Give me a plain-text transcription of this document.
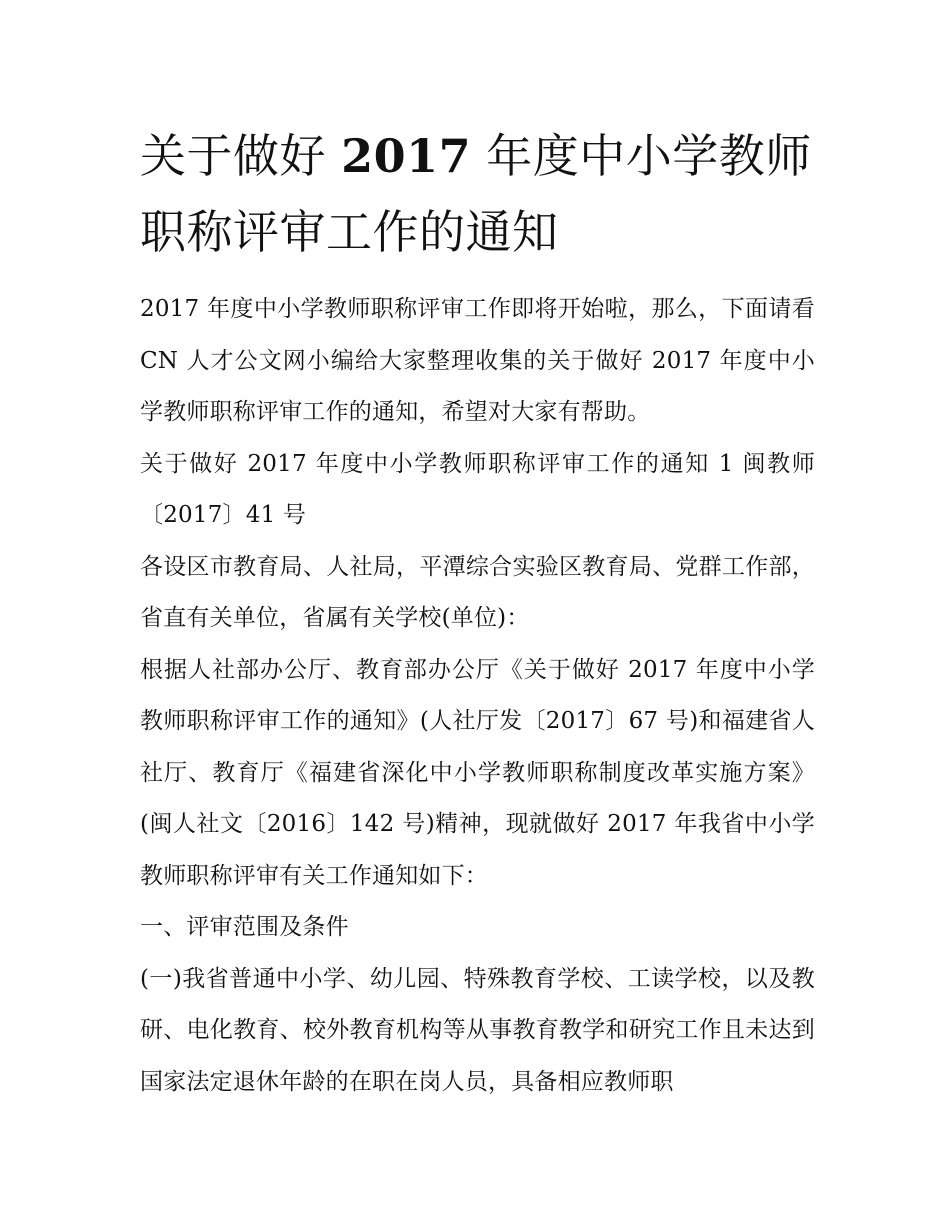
关于做好 2017 年度中小学教师职称评审工作的通知

2017 年度中小学教师职称评审工作即将开始啦，那么，下面请看 CN 人才公文网小编给大家整理收集的关于做好 2017 年度中小学教师职称评审工作的通知，希望对大家有帮助。

关于做好 2017 年度中小学教师职称评审工作的通知 1 闽教师〔2017〕41 号

各设区市教育局、人社局，平潭综合实验区教育局、党群工作部，省直有关单位，省属有关学校(单位)：

根据人社部办公厅、教育部办公厅《关于做好 2017 年度中小学教师职称评审工作的通知》(人社厅发〔2017〕67 号)和福建省人社厅、教育厅《福建省深化中小学教师职称制度改革实施方案》(闽人社文〔2016〕142 号)精神，现就做好 2017 年我省中小学教师职称评审有关工作通知如下：

一、评审范围及条件

(一)我省普通中小学、幼儿园、特殊教育学校、工读学校，以及教研、电化教育、校外教育机构等从事教育教学和研究工作且未达到国家法定退休年龄的在职在岗人员，具备相应教师职
